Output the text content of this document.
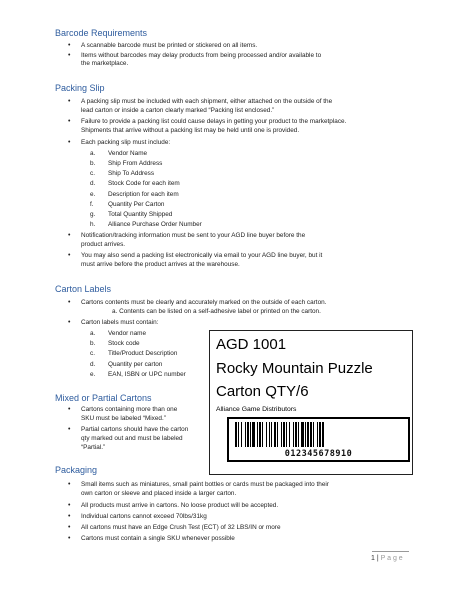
Barcode Requirements
• A scannable barcode must be printed or stickered on all items.
• Items without barcodes may delay products from being processed and/or available to
the marketplace.
Packing Slip
• A packing slip must be included with each shipment, either attached on the outside of the
lead carton or inside a carton clearly marked “Packing list enclosed.”
• Failure to provide a packing list could cause delays in getting your product to the marketplace.
Shipments that arrive without a packing list may be held until one is provided.
• Each packing slip must include:
a.	Vendor Name
b.	Ship From Address
c.	Ship To Address
d.	Stock Code for each item
e.	Description for each item
f.	Quantity Per Carton
g.	Total Quantity Shipped
h.	Alliance Purchase Order Number
• Notification/tracking information must be sent to your AGD line buyer before the
product arrives.
• You may also send a packing list electronically via email to your AGD line buyer, but it
must arrive before the product arrives at the warehouse.
Carton Labels
• Cartons contents must be clearly and accurately marked on the outside of each carton.
a. Contents can be listed on a self-adhesive label or printed on the carton.
• Carton labels must contain:
a.	Vendor name
b.	Stock code
c.	Title/Product Description
d.	Quantity per carton
e.	EAN, ISBN or UPC number
Mixed or Partial Cartons
• Cartons containing more than one
SKU must be labeled “Mixed.”
• Partial cartons should have the carton
qty marked out and must be labeled
“Partial.”
AGD 1001
Rocky Mountain Puzzle
Carton QTY/6
Alliance Game Distributors
012345678910
Packaging
• Small items such as miniatures, small paint bottles or cards must be packaged into their
own carton or sleeve and placed inside a larger carton.
• All products must arrive in cartons. No loose product will be accepted.
• Individual cartons cannot exceed 70lbs/31kg
• All cartons must have an Edge Crush Test (ECT) of 32 LBS/IN or more
• Cartons must contain a single SKU whenever possible
1 | P a g e
